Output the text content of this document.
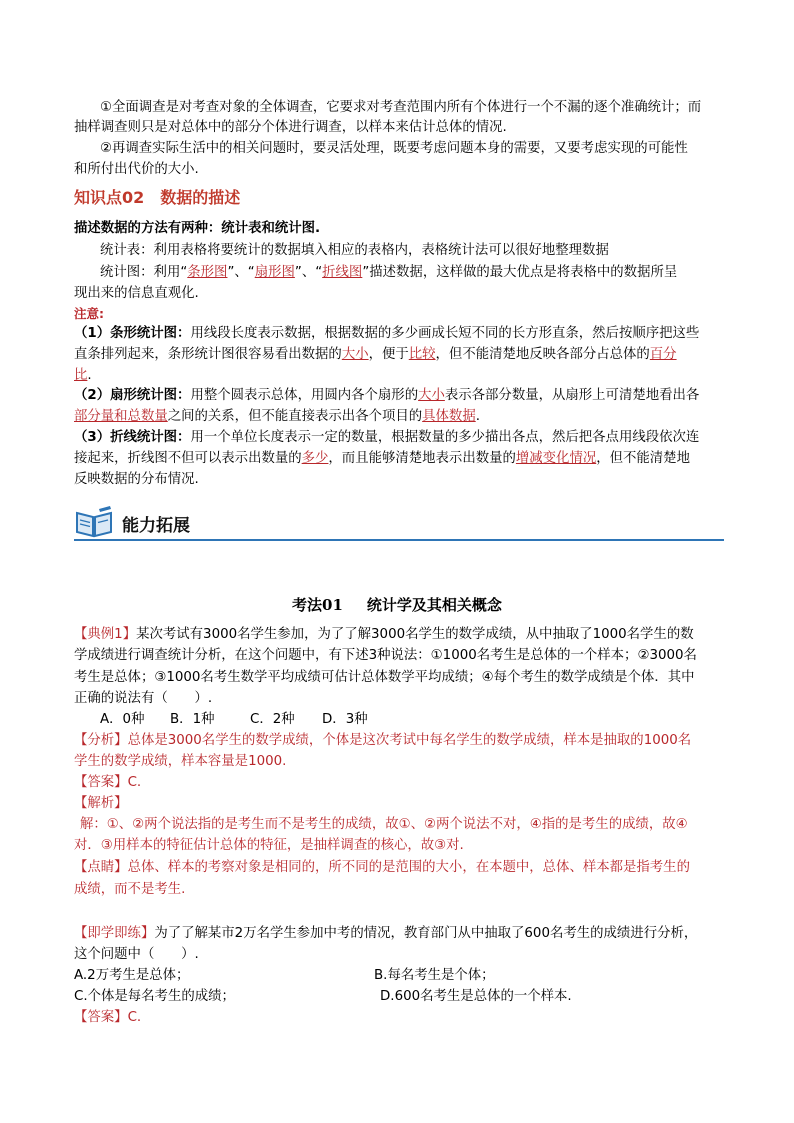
①全面调查是对考查对象的全体调查，它要求对考查范围内所有个体进行一个不漏的逐个准确统计；而
抽样调查则只是对总体中的部分个体进行调查，以样本来估计总体的情况.
②再调查实际生活中的相关问题时，要灵活处理，既要考虑问题本身的需要，又要考虑实现的可能性
和所付出代价的大小.
知识点02　数据的描述
描述数据的方法有两种：统计表和统计图.
统计表：利用表格将要统计的数据填入相应的表格内，表格统计法可以很好地整理数据
统计图：利用“条形图”、“扇形图”、“折线图”描述数据，这样做的最大优点是将表格中的数据所呈
现出来的信息直观化.
注意:
（1）条形统计图：用线段长度表示数据，根据数据的多少画成长短不同的长方形直条，然后按顺序把这些
直条排列起来，条形统计图很容易看出数据的大小，便于比较，但不能清楚地反映各部分占总体的百分
比.
（2）扇形统计图：用整个圆表示总体，用圆内各个扇形的大小表示各部分数量，从扇形上可清楚地看出各
部分量和总数量之间的关系，但不能直接表示出各个项目的具体数据.
（3）折线统计图：用一个单位长度表示一定的数量，根据数量的多少描出各点，然后把各点用线段依次连
接起来，折线图不但可以表示出数量的多少，而且能够清楚地表示出数量的增减变化情况，但不能清楚地
反映数据的分布情况.
能力拓展
考法01 统计学及其相关概念
【典例1】某次考试有3000名学生参加，为了了解3000名学生的数学成绩，从中抽取了1000名学生的数
学成绩进行调查统计分析，在这个问题中，有下述3种说法：①1000名考生是总体的一个样本；②3000名
考生是总体；③1000名考生数学平均成绩可估计总体数学平均成绩；④每个考生的数学成绩是个体．其中
正确的说法有（　　）.
A．0种 B．1种	C．2种 D．3种
【分析】总体是3000名学生的数学成绩，个体是这次考试中每名学生的数学成绩，样本是抽取的1000名
学生的数学成绩，样本容量是1000.
【答案】C.
【解析】
解：①、②两个说法指的是考生而不是考生的成绩，故①、②两个说法不对，④指的是考生的成绩，故④
对．③用样本的特征估计总体的特征，是抽样调查的核心，故③对.
【点睛】总体、样本的考察对象是相同的，所不同的是范围的大小，在本题中，总体、样本都是指考生的
成绩，而不是考生.
【即学即练】为了了解某市2万名学生参加中考的情况，教育部门从中抽取了600名考生的成绩进行分析，
这个问题中（　　）.
A.2万考生是总体；	B.每名考生是个体；
C.个体是每名考生的成绩；	D.600名考生是总体的一个样本.
【答案】C.
